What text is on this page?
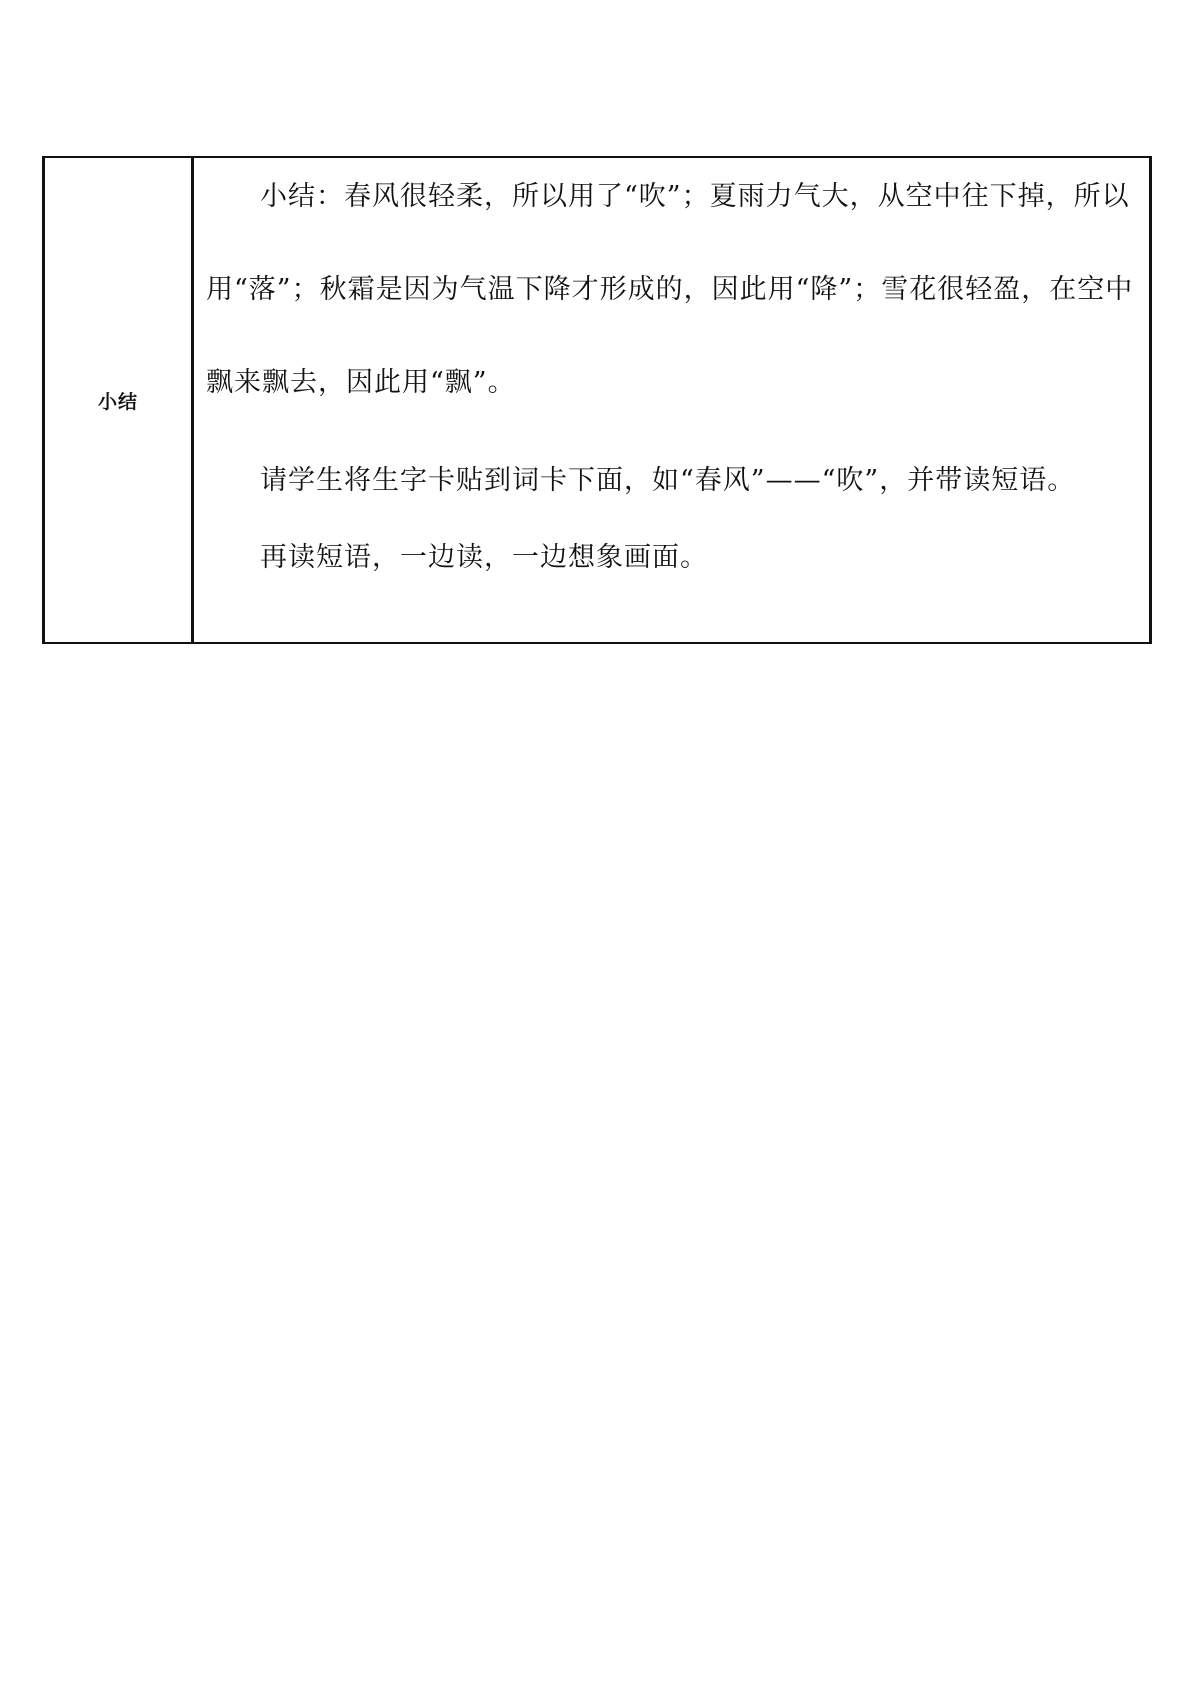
小结	

小结：春风很轻柔，所以用了“吹”；夏雨力气大，从空中往下掉，所以用“落”；秋霜是因为气温下降才形成的，因此用“降”；雪花很轻盈，在空中飘来飘去，因此用“飘”。

请学生将生字卡贴到词卡下面，如“春风”——“吹”，并带读短语。

再读短语，一边读，一边想象画面。
